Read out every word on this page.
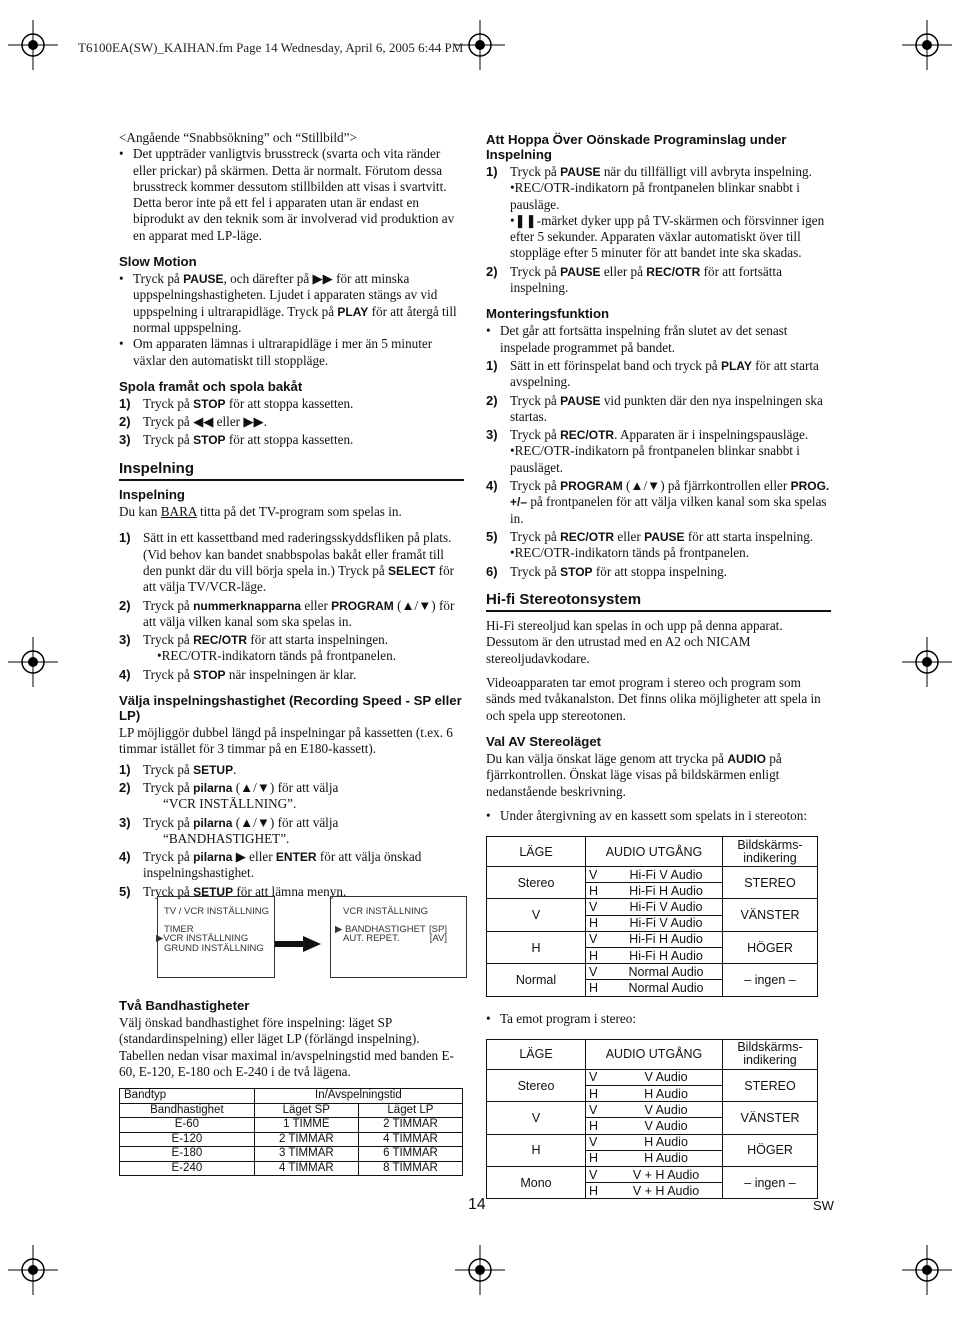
T6100EA(SW)_KAIHAN.fm Page 14 Wednesday, April 6, 2005 6:44 PM

<Angående “Snabbsökning” och “Stillbild”>

• Det uppträder vanligtvis brusstreck (svarta och vita ränder eller prickar) på skärmen. Detta är normalt. Förutom dessa brusstreck kommer dessutom stillbilden att visas i svartvitt.

Detta beror inte på ett fel i apparaten utan är endast en biprodukt av den teknik som är involverad vid produktion av en apparat med LP-läge.

Slow Motion

• Tryck på PAUSE, och därefter på ▶▶ för att minska uppspelningshastigheten. Ljudet i apparaten stängs av vid uppspelning i ultrarapidläge. Tryck på PLAY för att återgå till normal uppspelning.

• Om apparaten lämnas i ultrarapidläge i mer än 5 minuter växlar den automatiskt till stoppläge.

Spola framåt och spola bakåt

1) Tryck på STOP för att stoppa kassetten.

2) Tryck på ◀◀ eller ▶▶.

3) Tryck på STOP för att stoppa kassetten.

Inspelning
Inspelning

Du kan BARA titta på det TV-program som spelas in.

1) Sätt in ett kassettband med raderingsskyddsfliken på plats. (Vid behov kan bandet snabbspolas bakåt eller framåt till den punkt där du vill börja spela in.) Tryck på SELECT för att välja TV/VCR-läge.

2) Tryck på nummerknapparna eller PROGRAM (▲/▼) för att välja vilken kanal som ska spelas in.

3) Tryck på REC/OTR för att starta inspelningen.

•REC/OTR-indikatorn tänds på frontpanelen.

4) Tryck på STOP när inspelningen är klar.

Välja inspelningshastighet (Recording Speed - SP eller LP)

LP möjliggör dubbel längd på inspelningar på kassetten (t.ex. 6 timmar istället för 3 timmar på en E180-kassett).

1) Tryck på SETUP.

2) Tryck på pilarna (▲/▼) för att välja
“VCR INSTÄLLNING”.

3) Tryck på pilarna (▲/▼) för att välja
“BANDHASTIGHET”.

4) Tryck på pilarna ▶ eller ENTER för att välja önskad inspelningshastighet.

5) Tryck på SETUP för att lämna menyn.

TV / VCR INSTÄLLNING
TIMER
▶VCR INSTÄLLNING
GRUND INSTÄLLNING
VCR INSTÄLLNING
▶ BANDHASTIGHET [SP]
AUT. REPET.	[AV]
Två Bandhastigheter

Välj önskad bandhastighet före inspelning: läget SP (standardinspelning) eller läget LP (förlängd inspelning). Tabellen nedan visar maximal in/avspelningstid med banden E-60, E-120, E-180 och E-240 i de två lägena.

Bandtyp	In/Avspelningstid	
Bandhastighet	Läget SP	Läget LP
E-60	1 TIMME	2 TIMMAR
E-120	2 TIMMAR	4 TIMMAR
E-180	3 TIMMAR	6 TIMMAR
E-240	4 TIMMAR	8 TIMMAR
Att Hoppa Över Oönskade Programinslag under Inspelning

1) Tryck på PAUSE när du tillfälligt vill avbryta inspelning.

•REC/OTR-indikatorn på frontpanelen blinkar snabbt i pausläge.

•❚❚-märket dyker upp på TV-skärmen och försvinner igen efter 5 sekunder. Apparaten växlar automatiskt över till stoppläge efter 5 minuter för att bandet inte ska skadas.

2) Tryck på PAUSE eller på REC/OTR för att fortsätta inspelning.

Monteringsfunktion

• Det går att fortsätta inspelning från slutet av det senast inspelade programmet på bandet.

1) Sätt in ett förinspelat band och tryck på PLAY för att starta avspelning.

2) Tryck på PAUSE vid punkten där den nya inspelningen ska startas.

3) Tryck på REC/OTR. Apparaten är i inspelningspausläge.

•REC/OTR-indikatorn på frontpanelen blinkar snabbt i pausläget.

4) Tryck på PROGRAM (▲/▼) på fjärrkontrollen eller PROG. +/– på frontpanelen för att välja vilken kanal som ska spelas in.

5) Tryck på REC/OTR eller PAUSE för att starta inspelning.

•REC/OTR-indikatorn tänds på frontpanelen.

6) Tryck på STOP för att stoppa inspelning.

Hi-fi Stereotonsystem

Hi-Fi stereoljud kan spelas in och upp på denna apparat. Dessutom är den utrustad med en A2 och NICAM stereoljudavkodare.

Videoapparaten tar emot program i stereo och program som sänds med tvåkanalston. Det finns olika möjligheter att spela in och spela upp stereotonen.

Val AV Stereoläget

Du kan välja önskat läge genom att trycka på AUDIO på fjärrkontrollen. Önskat läge visas på bildskärmen enligt nedanstående beskrivning.

• Under återgivning av en kassett som spelats in i stereoton:

LÄGE	AUDIO UTGÅNG		Bildskärms-indikering
Stereo	V	Hi-Fi V Audio	STEREO
	H	Hi-Fi H Audio	
V	V	Hi-Fi V Audio	VÄNSTER
	H	Hi-Fi V Audio	
H	V	Hi-Fi H Audio	HÖGER
	H	Hi-Fi H Audio	
Normal	V	Normal Audio	– ingen –
	H	Normal Audio	

• Ta emot program i stereo:

LÄGE	AUDIO UTGÅNG		Bildskärms-indikering
Stereo	V	V Audio	STEREO
	H	H Audio	
V	V	V Audio	VÄNSTER
	H	V Audio	
H	V	H Audio	HÖGER
	H	H Audio	
Mono	V	V + H Audio	– ingen –
	H	V + H Audio	
14	SW
